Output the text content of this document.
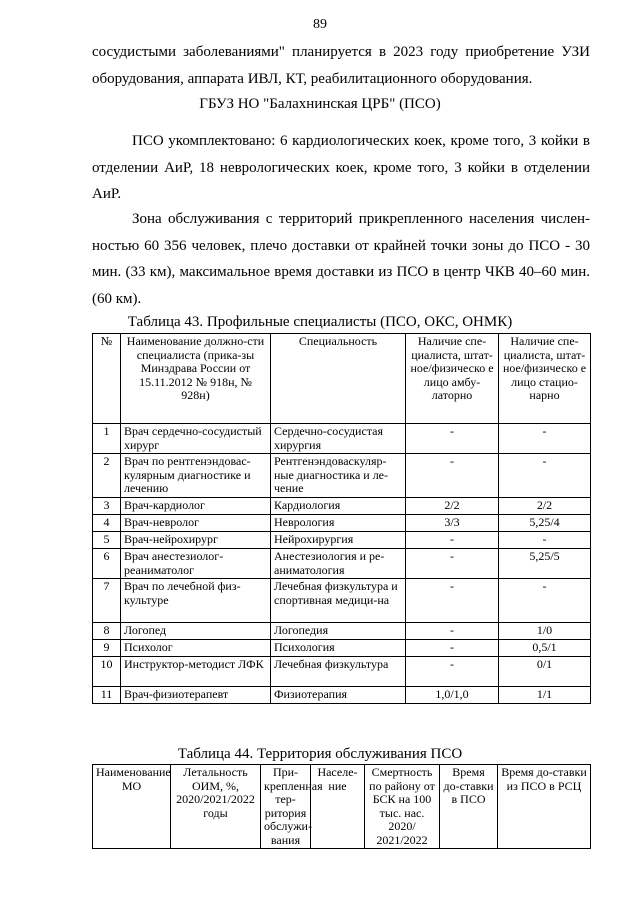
89
сосудистыми заболеваниями" планируется в 2023 году приобретение УЗИ
оборудования, аппарата ИВЛ, КТ, реабилитационного оборудования.
ГБУЗ НО "Балахнинская ЦРБ" (ПСО)
ПСО укомплектовано: 6 кардиологических коек, кроме того, 3 койки в
отделении АиР, 18 неврологических коек, кроме того, 3 койки в отделении
АиР.
Зона обслуживания с территорий прикрепленного населения числен-
ностью 60 356 человек, плечо доставки от крайней точки зоны до ПСО - 30
мин. (33 км), максимальное время доставки из ПСО в центр ЧКВ 40–60 мин.
(60 км).
Таблица 43. Профильные специалисты (ПСО, ОКС, ОНМК)
№	Наименование должно-сти специалиста (прика-зы Минздрава России от 15.11.2012 № 918н, № 928н)	Специальность	Наличие спе-циалиста, штат-ное/физическо е лицо амбу-латорно	Наличие спе-циалиста, штат-ное/физическо е лицо стацио-нарно
1	Врач сердечно-сосудистый хирург	Сердечно-сосудистая хирургия	-	-
2	Врач по рентгенэндовас-кулярным диагностике и лечению	Рентгенэндоваскуляр-ные диагностика и ле-чение	-	-
3	Врач-кардиолог	Кардиология	2/2	2/2
4	Врач-невролог	Неврология	3/3	5,25/4
5	Врач-нейрохирург	Нейрохирургия	-	-
6	Врач анестезиолог-реаниматолог	Анестезиология и ре-аниматология	-	5,25/5
7	Врач по лечебной физ-культуре	Лечебная физкультура и спортивная медици-на	-	-
8	Логопед	Логопедия	-	1/0
9	Психолог	Психология	-	0,5/1
10	Инструктор-методист ЛФК	Лечебная физкультура	-	0/1
11	Врач-физиотерапевт	Физиотерапия	1,0/1,0	1/1
Таблица 44. Территория обслуживания ПСО
Наименование МО	Летальность ОИМ, %, 2020/2021/2022 годы	При-крепленная тер-ритория обслужи-вания	Населе-ние	Смертность по району от БСК на 100 тыс. нас. 2020/ 2021/2022	Время до-ставки в ПСО	Время до-ставки из ПСО в РСЦ
